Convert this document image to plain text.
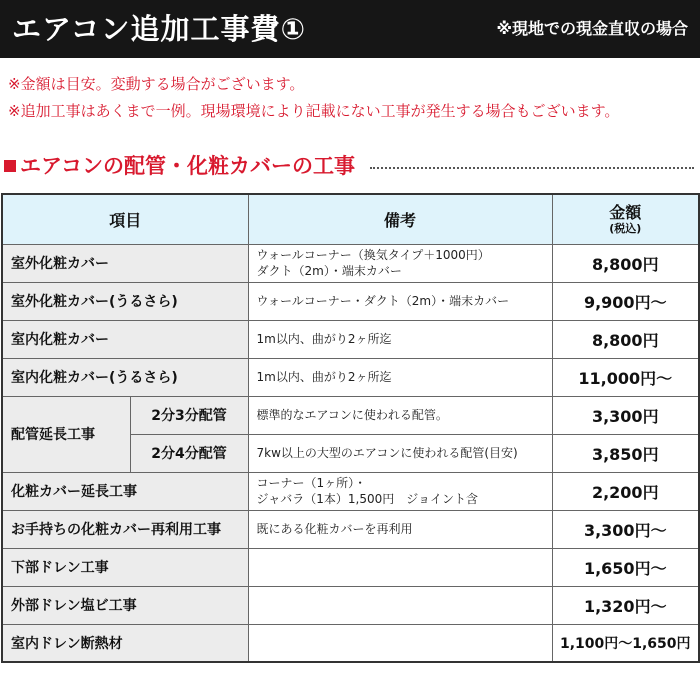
エアコン追加工事費①	※現地での現金直収の場合
※金額は目安。変動する場合がございます。
※追加工事はあくまで一例。現場環境により記載にない工事が発生する場合もございます。
エアコンの配管・化粧カバーの工事
項目		備考	金額
(税込)

室外化粧カバー		ウォールコーナー（換気タイプ＋1000円）
ダクト（2m）・端末カバー	8,800円
室外化粧カバー(うるさら)		ウォールコーナー・ダクト（2m）・端末カバー	9,900円～
室内化粧カバー		1m以内、曲がり2ヶ所迄	8,800円
室内化粧カバー(うるさら)		1m以内、曲がり2ヶ所迄	11,000円～
配管延長工事	2分3分配管	標準的なエアコンに使われる配管。	3,300円
	2分4分配管	7kw以上の大型のエアコンに使われる配管(目安)	3,850円
化粧カバー延長工事		コーナー（1ヶ所）・
ジャバラ（1本）1,500円　ジョイント含	2,200円
お手持ちの化粧カバー再利用工事		既にある化粧カバーを再利用	3,300円～
下部ドレン工事			1,650円～
外部ドレン塩ビ工事			1,320円～
室内ドレン断熱材			1,100円～1,650円
